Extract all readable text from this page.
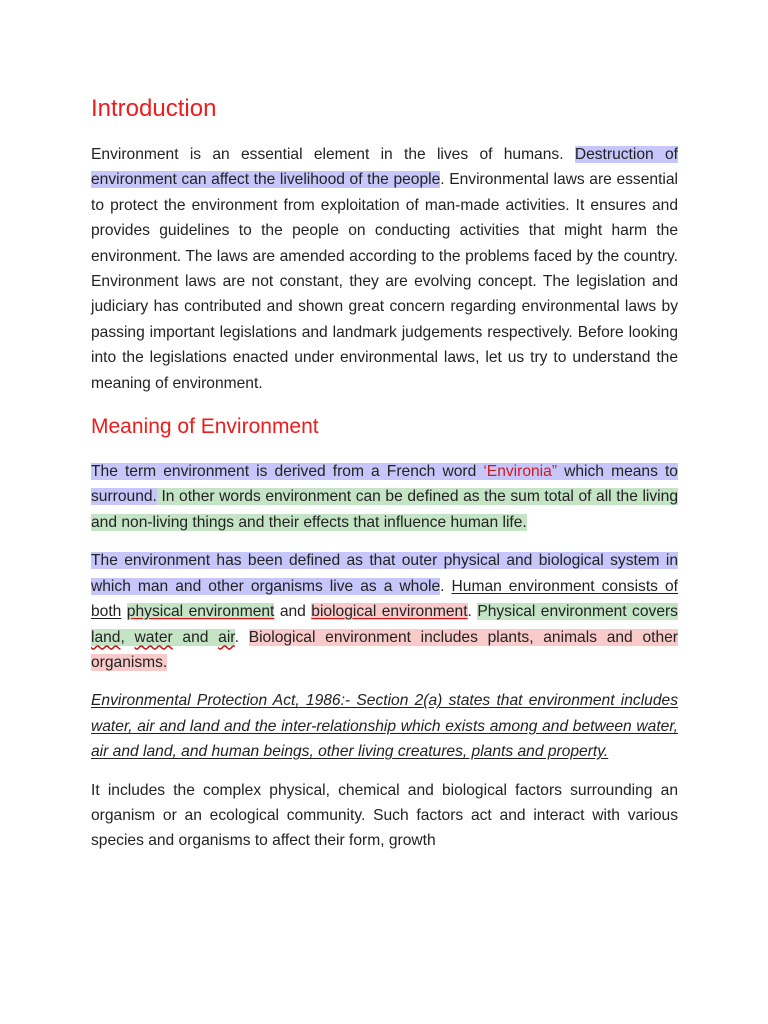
Introduction

Environment is an essential element in the lives of humans. Destruction of environment can affect the livelihood of the people. Environmental laws are essential to protect the environment from exploitation of man-made activities. It ensures and provides guidelines to the people on conducting activities that might harm the environment. The laws are amended according to the problems faced by the country. Environment laws are not constant, they are evolving concept. The legislation and judiciary has contributed and shown great concern regarding environmental laws by passing important legislations and landmark judgements respectively. Before looking into the legislations enacted under environmental laws, let us try to understand the meaning of environment.

Meaning of Environment

The term environment is derived from a French word ‘Environia” which means to surround. In other words environment can be defined as the sum total of all the living and non-living things and their effects that influence human life.

The environment has been defined as that outer physical and biological system in which man and other organisms live as a whole. Human environment consists of both physical environment and biological environment. Physical environment covers land, water and air. Biological environment includes plants, animals and other organisms.

Environmental Protection Act, 1986:- Section 2(a) states that environment includes water, air and land and the inter-relationship which exists among and between water, air and land, and human beings, other living creatures, plants and property.

It includes the complex physical, chemical and biological factors surrounding an organism or an ecological community. Such factors act and interact with various species and organisms to affect their form, growth
